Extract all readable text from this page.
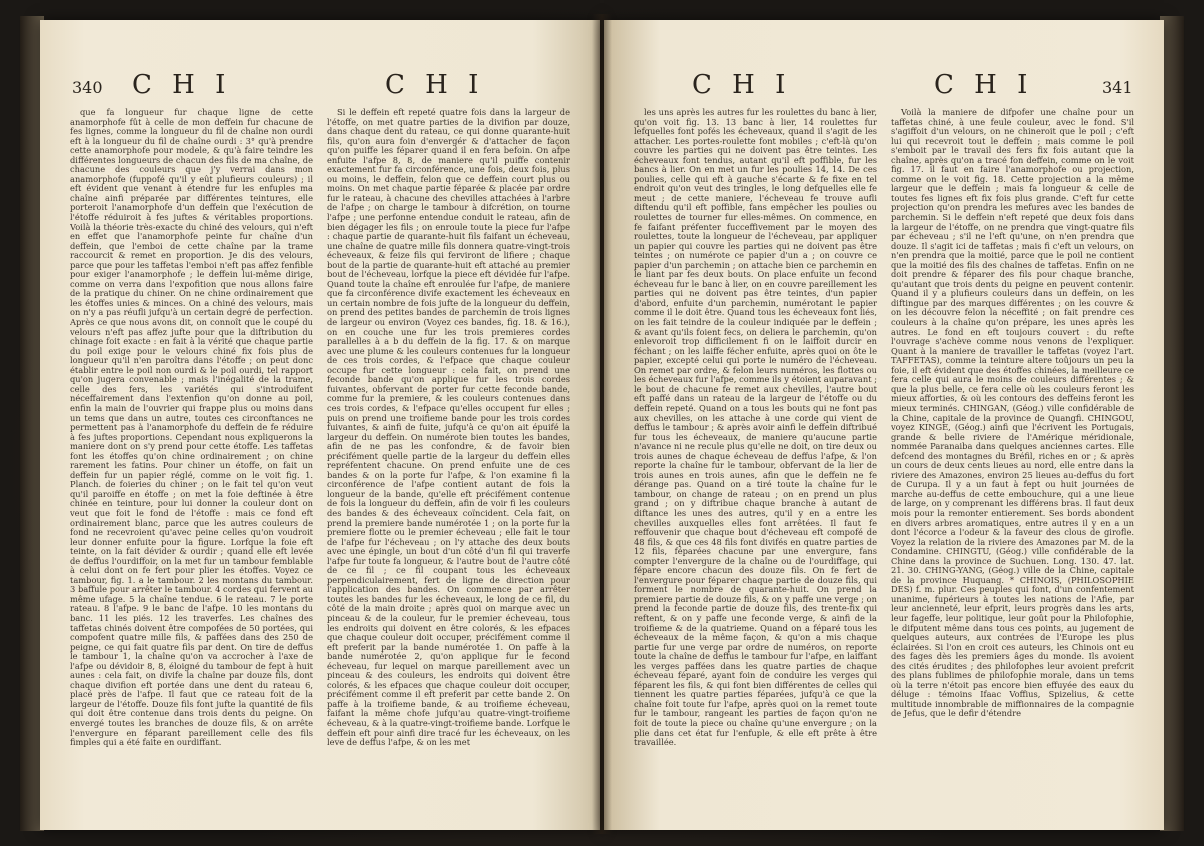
340 C H I	C H I

que fa longueur fur chaque ligne de cette anamorphofe fût à celle de mon deffein fur chacune de fes lignes, comme la longueur du fil de chaîne non ourdi eft à la longueur du fil de chaîne ourdi : 3° qu'à prendre cette anamorphofe pour modele, & qu'à faire teindre les différentes longueurs de chacun des fils de ma chaîne, de chacune des couleurs que j'y verrai dans mon anamorphofe (fuppofé qu'il y eût plufieurs couleurs) ; il eft évident que venant à étendre fur les enfuples ma chaîne ainfi préparée par différentes teintures, elle porteroit l'anamorphofe d'un deffein que l'exécution de l'étoffe réduiroit à fes juftes & véritables proportions. Voilà la théorie très-exacte du chiné des velours, qui n'eft en effet que l'anamorphofe peinte fur chaîne d'un deffein, que l'emboi de cette chaîne par la trame raccourcit & remet en proportion. Je dis des velours, parce que pour les taffetas l'emboi n'eft pas affez fenfible pour exiger l'anamorphofe ; le deffein lui-même dirige, comme on verra dans l'expofition que nous allons faire de la pratique du chiner. On ne chine ordinairement que les étoffes unies & minces. On a chiné des velours, mais on n'y a pas réufli jufqu'à un certain degré de perfection. Après ce que nous avons dit, on connoît que le coupé du velours n'eft pas affez jufte pour que la diftribution du chinage foit exacte : en fait à la vérité que chaque partie du poil exige pour le velours chiné fix fois plus de longueur qu'il n'en paroîtra dans l'étoffe ; on peut donc établir entre le poil non ourdi & le poil ourdi, tel rapport qu'on jugera convenable ; mais l'inégalité de la trame, celle des fers, les variétés qui s'introduifent néceffairement dans l'extenfion qu'on donne au poil, enfin la main de l'ouvrier qui frappe plus ou moins dans un tems que dans un autre, toutes ces circonftances ne permettent pas à l'anamorphofe du deffein de fe réduire à fes juftes proportions. Cependant nous expliquerons la maniere dont on s'y prend pour cette étoffe. Les taffetas font les étoffes qu'on chine ordinairement ; on chine rarement les fatins. Pour chiner un étoffe, on fait un deffein fur un papier réglé, comme on le voit fig. 1. Planch. de foieries du chiner ; on le fait tel qu'on veut qu'il paroiffe en étoffe ; on met la foie deftinée à être chinée en teinture, pour lui donner la couleur dont on veut que foit le fond de l'étoffe : mais ce fond eft ordinairement blanc, parce que les autres couleurs de fond ne recevroient qu'avec peine celles qu'on voudroit leur donner enfuite pour la figure. Lorfque la foie eft teinte, on la fait dévider & ourdir ; quand elle eft levée de deffus l'ourdiffoir, on la met fur un tambour femblable à celui dont on fe fert pour plier les étoffes. Voyez ce tambour, fig. 1. a le tambour. 2 les montans du tambour. 3 baffule pour arrêter le tambour. 4 cordes qui fervent au même ufage. 5 la chaîne tendue. 6 le rateau. 7 le porte rateau. 8 l'afpe. 9 le banc de l'afpe. 10 les montans du banc. 11 les piés. 12 les traverfes. Les chaînes des taffetas chinés doivent être compofées de 50 portées, qui compofent quatre mille fils, & paffées dans des 250 de peigne, ce qui fait quatre fils par dent. On tire de deffus le tambour 1, la chaîne qu'on va accrocher à l'axe de l'afpe ou dévidoir 8, 8, éloigné du tambour de fept à huit aunes : cela fait, on divife la chaîne par douze fils, dont chaque divifion eft portée dans une dent du rateau 6, placé près de l'afpe. Il faut que ce rateau foit de la largeur de l'étoffe. Douze fils font jufte la quantité de fils qui doit être contenue dans trois dents du peigne. On envergé toutes les branches de douze fils, & on arrête l'envergure en féparant pareillement celle des fils fimples qui a été faite en ourdiffant.

Si le deffein eft repeté quatre fois dans la largeur de l'étoffe, on met quatre parties de la divifion par douze, dans chaque dent du rateau, ce qui donne quarante-huit fils, qu'on aura foin d'envergér & d'attacher de façon qu'on puiffe les féparer quand il en fera befoin. On afpe enfuite l'afpe 8, 8, de maniere qu'il puiffe contenir exactement fur fa circonférence, une fois, deux fois, plus ou moins, le deffein, felon que ce deffein court plus ou moins. On met chaque partie féparée & placée par ordre fur le rateau, à chacune des chevilles attachées à l'arbre de l'afpe ; on charge le tambour à difcrétion, on tourne l'afpe ; une perfonne entendue conduit le rateau, afin de bien dégager les fils ; on enroule toute la piece fur l'afpe : chaque partie de quarante-huit fils faifant un écheveau, une chaîne de quatre mille fils donnera quatre-vingt-trois écheveaux, & feize fils qui ferviront de lifiere ; chaque bout de la partie de quarante-huit eft attaché au premier bout de l'écheveau, lorfque la piece eft dévidée fur l'afpe. Quand toute la chaîne eft enroulée fur l'afpe, de maniere que fa circonférence divife exactement les écheveaux en un certain nombre de fois jufte de la longueur du deffein, on prend des petites bandes de parchemin de trois lignes de largeur ou environ (Voyez ces bandes, fig. 18. & 16.), on en couche une fur les trois premieres cordes parallelles à a b du deffein de la fig. 17. & on marque avec une plume & les couleurs contenues fur la longueur de ces trois cordes, & l'efpace que chaque couleur occupe fur cette longueur : cela fait, on prend une feconde bande qu'on applique fur les trois cordes fuivantes, obfervant de porter fur cette feconde bande, comme fur la premiere, & les couleurs contenues dans ces trois cordes, & l'efpace qu'elles occupent fur elles ; puis on prend une troifieme bande pour les trois cordes fuivantes, & ainfi de fuite, jufqu'à ce qu'on ait épuifé la largeur du deffein. On numérote bien toutes les bandes, afin de ne pas les confondre, & de favoir bien précifément quelle partie de la largeur du deffein elles repréfentent chacune. On prend enfuite une de ces bandes & on la porte fur l'afpe, & l'on examine fi la circonférence de l'afpe contient autant de fois la longueur de la bande, qu'elle eft précifément contenue de fois la longueur du deffein, afin de voir fi les couleurs des bandes & des écheveaux coïncident. Cela fait, on prend la premiere bande numérotée 1 ; on la porte fur la premiere flotte ou le premier écheveau ; elle fait le tour de l'afpe fur l'écheveau ; on l'y attache des deux bouts avec une épingle, un bout d'un côté d'un fil qui traverfe l'afpe fur toute fa longueur, & l'autre bout de l'autre côté de ce fil ; ce fil coupant tous les écheveaux perpendiculairement, fert de ligne de direction pour l'application des bandes. On commence par arrêter toutes les bandes fur les écheveaux, le long de ce fil, du côté de la main droite ; après quoi on marque avec un pinceau & de la couleur, fur le premier écheveau, tous les endroits qui doivent en être colorés, & les efpaces que chaque couleur doit occuper, précifément comme il eft preferit par la bande numérotée 1. On paffe à la bande numérotée 2, qu'on applique fur le fecond écheveau, fur lequel on marque pareillement avec un pinceau & des couleurs, les endroits qui doivent être colorés, & les efpaces que chaque couleur doit occuper, précifément comme il eft preferit par cette bande 2. On paffe à la troifieme bande, & au troifieme écheveau, faifant la même chofe jufqu'au quatre-vingt-troifieme écheveau, & à la quatre-vingt-troifieme bande. Lorfque le deffein eft pour ainfi dire tracé fur les écheveaux, on les leve de deffus l'afpe, & on les met

C H I	C H I	341

les uns après les autres fur les roulettes du banc à lier, qu'on voit fig. 13. 13 banc à lier, 14 roulettes fur lefquelles font pofés les écheveaux, quand il s'agit de les attacher. Les portes-roulette font mobiles ; c'eft-là qu'on couvre les parties qui ne doivent pas être teintes. Les écheveaux font tendus, autant qu'il eft poffible, fur les bancs à lier. On en met un fur les poulies 14, 14. De ces poulies, celle qui eft à gauche s'écarte & fe fixe en tel endroit qu'on veut des tringles, le long defquelles elle fe meut ; de cette maniere, l'écheveau fe trouve aufli diftendu qu'il eft poffible, fans empêcher les poulies ou roulettes de tourner fur elles-mêmes. On commence, en fe faifant préfenter fucceffivement par le moyen des roulettes, toute la longueur de l'écheveau, par appliquer un papier qui couvre les parties qui ne doivent pas être teintes ; on numérote ce papier d'un a ; on couvre ce papier d'un parchemin ; on attache bien ce parchemin en le liant par fes deux bouts. On place enfuite un fecond écheveau fur le banc à lier, on en couvre pareillement les parties qui ne doivent pas être teintes, d'un papier d'abord, enfuite d'un parchemin, numérotant le papier comme il le doit être. Quand tous les écheveaux font liés, on les fait teindre de la couleur indiquée par le deffein ; & avant qu'ils foient fecs, on deliera le parchemin, qu'on enlevoroit trop difficilement fi on le laiffoit durcir en féchant ; on les laiffe fécher enfuite, après quoi on ôte le papier, excepté celui qui porte le numéro de l'écheveau. On remet par ordre, & felon leurs numéros, les flottes ou les écheveaux fur l'afpe, comme ils y étoient auparavant ; le bout de chacune fe remet aux chevilles, l'autre bout eft paffé dans un rateau de la largeur de l'étoffe ou du deffein repeté. Quand on a tous les bouts qui ne font pas aux chevilles, on les attache à une corde qui vient de deffus le tambour ; & après avoir ainfi le deffein diftribué fur tous les écheveaux, de maniere qu'aucune partie n'avance ni ne recule plus qu'elle ne doit, on tire deux ou trois aunes de chaque écheveau de deffus l'afpe, & l'on reporte la chaîne fur le tambour, obfervant de la lier de trois aunes en trois aunes, afin que le deffein ne fe dérange pas. Quand on a tiré toute la chaîne fur le tambour, on change de rateau ; on en prend un plus grand ; on y diftribue chaque branche à autant de diftance les unes des autres, qu'il y en a entre les chevilles auxquelles elles font arrêtées. Il faut fe reffouvenir que chaque bout d'écheveau eft compofé de 48 fils, & que ces 48 fils font divifés en quatre parties de 12 fils, féparées chacune par une envergure, fans compter l'envergure de la chaîne ou de l'ourdiffage, qui fépare encore chacun des douze fils. On fe fert de l'envergure pour féparer chaque partie de douze fils, qui forment le nombre de quarante-huit. On prend la premiere partie de douze fils, & on y paffe une verge ; on prend la feconde partie de douze fils, des trente-fix qui reftent, & on y paffe une feconde verge, & ainfi de la troifieme & de la quatrieme. Quand on a féparé tous les écheveaux de la même façon, & qu'on a mis chaque partie fur une verge par ordre de numéros, on reporte toute la chaîne de deffus le tambour fur l'afpe, en laiffant les verges paffées dans les quatre parties de chaque écheveau féparé, ayant foin de conduire les verges qui féparent les fils, & qui font bien différentes de celles qui tiennent les quatre parties féparées, jufqu'à ce que la chaîne foit toute fur l'afpe, après quoi on la remet toute fur le tambour, rangeant les parties de façon qu'on ne foit de toute la piece ou chaîne qu'une envergure ; on la plie dans cet état fur l'enfuple, & elle eft prête à être travaillée.

Voilà la maniere de difpofer une chaîne pour un taffetas chiné, à une feule couleur, avec le fond. S'il s'agiffoit d'un velours, on ne chineroit que le poil ; c'eft lui qui recevroit tout le deffein ; mais comme le poil s'emboit par le travail des fers fix fois autant que la chaîne, après qu'on a tracé fon deffein, comme on le voit fig. 17. il faut en faire l'anamorphofe ou projection, comme on le voit fig. 18. Cette projection a la même largeur que le deffein ; mais fa longueur & celle de toutes fes lignes eft fix fois plus grande. C'eft fur cette projection qu'on prendra les mefures avec les bandes de parchemin. Si le deffein n'eft repeté que deux fois dans la largeur de l'étoffe, on ne prendra que vingt-quatre fils par écheveau ; s'il ne l'eft qu'une, on n'en prendra que douze. Il s'agit ici de taffetas ; mais fi c'eft un velours, on n'en prendra que la moitié, parce que le poil ne contient que la moitié des fils des chaînes de taffetas. Enfin on ne doit prendre & féparer des fils pour chaque branche, qu'autant que trois dents du peigne en peuvent contenir. Quand il y a plufieurs couleurs dans un deffein, on les diftingue par des marques différentes ; on les couvre & on les découvre felon la néceffité ; on fait prendre ces couleurs à la chaîne qu'on prépare, les unes après les autres. Le fond en eft toujours couvert : du refte l'ouvrage s'achève comme nous venons de l'expliquer. Quant à la maniere de travailler le taffetas (voyez l'art. TAFFETAS), comme la teinture altere toûjours un peu la foie, il eft évident que des étoffes chinées, la meilleure ce fera celle qui aura le moins de couleurs différentes ; & que la plus belle, ce fera celle où les couleurs feront les mieux afforties, & où les contours des deffeins feront les mieux terminés. CHINGAN, (Géog.) ville confidérable de la Chine, capitale de la province de Quangfi. CHINGOU, voyez KINGE, (Géog.) ainfi que l'écrivent les Portugais, grande & belle riviere de l'Amérique méridionale, nommée Paranaiba dans quelques anciennes cartes. Elle defcend des montagnes du Bréfil, riches en or ; & après un cours de deux cents lieues au nord, elle entre dans la riviere des Amazones, environ 25 lieues au-deffus du fort de Curupa. Il y a un faut à fept ou huit journées de marche au-deffus de cette embouchure, qui a une lieue de large, on y comprenant les différens bras. Il faut deux mois pour la remonter entierement. Ses bords abondent en divers arbres aromatiques, entre autres il y en a un dont l'écorce a l'odeur & la faveur des clous de girofle. Voyez la relation de la riviere des Amazones par M. de la Condamine. CHINGTU, (Géog.) ville confidérable de la Chine dans la province de Suchuen. Long. 130. 47. lat. 21. 30. CHING-YANG, (Géog.) ville de la Chine, capitale de la province Huquang. * CHINOIS, (PHILOSOPHIE DES) f. m. plur. Ces peuples qui font, d'un confentement unanime, fupérieurs à toutes les nations de l'Afie, par leur ancienneté, leur efprit, leurs progrès dans les arts, leur fageffe, leur politique, leur goût pour la Philofophie, le difputent même dans tous ces points, au jugement de quelques auteurs, aux contrées de l'Europe les plus éclairées. Si l'on en croit ces auteurs, les Chinois ont eu des fages dès les premiers âges du monde. Ils avoient des cités érudites ; des philofophes leur avoient prefcrit des plans fublimes de philofophie morale, dans un tems où la terre n'étoit pas encore bien effuyée des eaux du déluge : témoins Ifaac Voffius, Spizelius, & cette multitude innombrable de miffionnaires de la compagnie de Jefus, que le defir d'étendre
